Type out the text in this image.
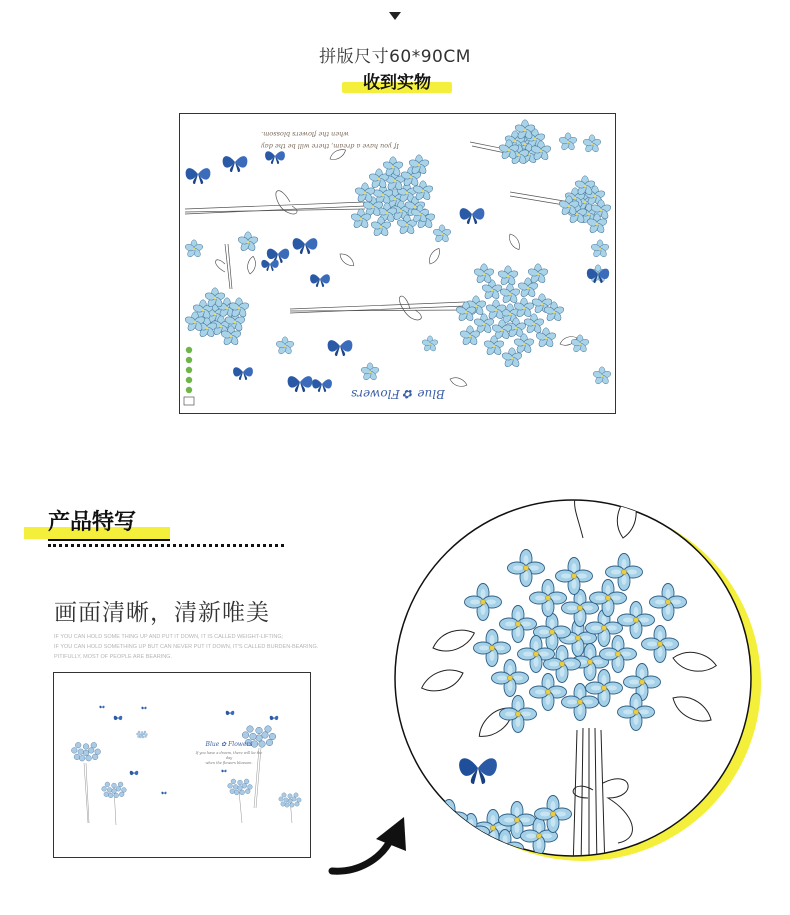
拼版尺寸60*90CM
收到实物
If you have a dream, there will be the day
when the flowers blossom.
Blue ✿ Flowers
产品特写
画面清晰，清新唯美
IF YOU CAN HOLD SOME THING UP AND PUT IT DOWN, IT IS CALLED WEIGHT-LIFTING;
IF YOU CAN HOLD SOMETHING UP BUT CAN NEVER PUT IT DOWN, IT'S CALLED BURDEN-BEARING.
PITIFULLY, MOST OF PEOPLE ARE BEARING.
Blue ✿ Flowers
If you have a dream, there will be the day
when the flowers blossom.
